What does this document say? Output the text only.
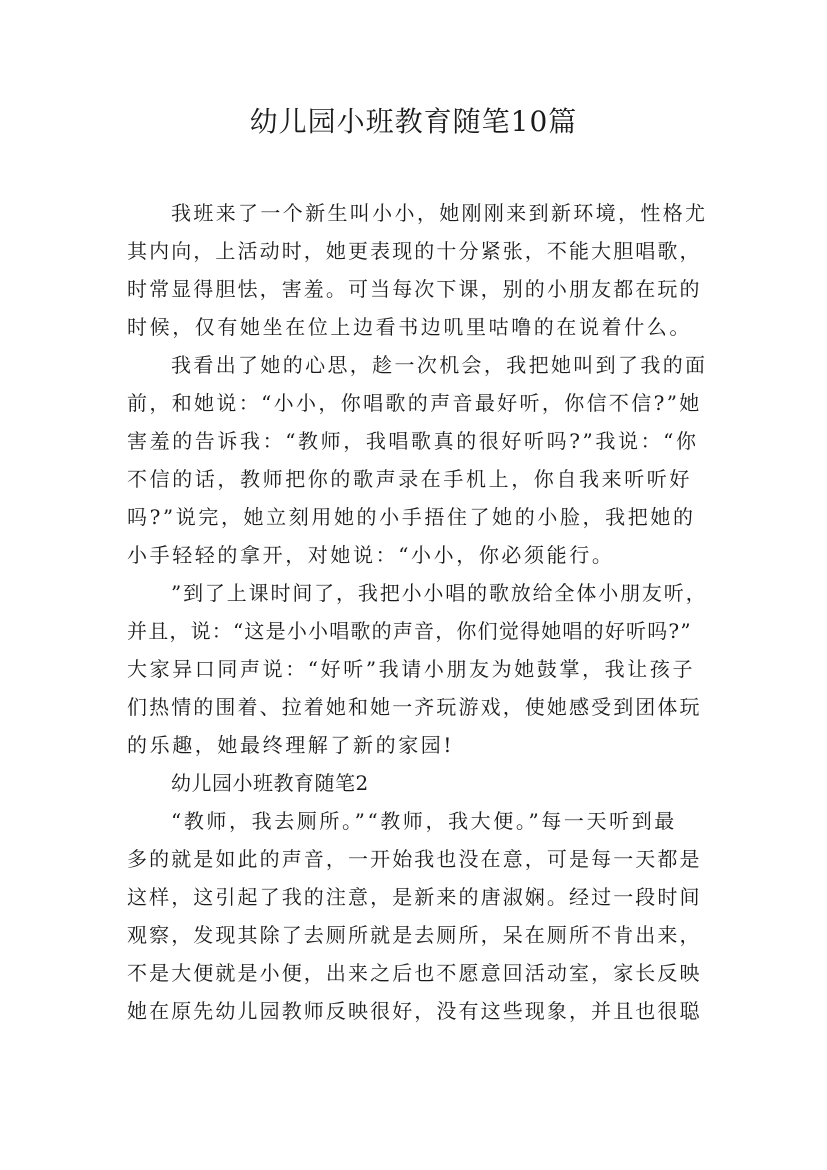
幼儿园小班教育随笔10篇
我班来了一个新生叫小小，她刚刚来到新环境，性格尤
其内向，上活动时，她更表现的十分紧张，不能大胆唱歌，
时常显得胆怯，害羞。可当每次下课，别的小朋友都在玩的
时候，仅有她坐在位上边看书边叽里咕噜的在说着什么。
我看出了她的心思，趁一次机会，我把她叫到了我的面
前，和她说：“小小，你唱歌的声音最好听，你信不信?”她
害羞的告诉我：“教师，我唱歌真的很好听吗?”我说：“你
不信的话，教师把你的歌声录在手机上，你自我来听听好
吗?”说完，她立刻用她的小手捂住了她的小脸，我把她的
小手轻轻的拿开，对她说：“小小，你必须能行。
”到了上课时间了，我把小小唱的歌放给全体小朋友听，
并且，说：“这是小小唱歌的声音，你们觉得她唱的好听吗?”
大家异口同声说：“好听”我请小朋友为她鼓掌，我让孩子
们热情的围着、拉着她和她一齐玩游戏，使她感受到团体玩
的乐趣，她最终理解了新的家园!
幼儿园小班教育随笔2
“教师，我去厕所。”“教师，我大便。”每一天听到最
多的就是如此的声音，一开始我也没在意，可是每一天都是
这样，这引起了我的注意，是新来的唐淑娴。经过一段时间
观察，发现其除了去厕所就是去厕所，呆在厕所不肯出来，
不是大便就是小便，出来之后也不愿意回活动室，家长反映
她在原先幼儿园教师反映很好，没有这些现象，并且也很聪
